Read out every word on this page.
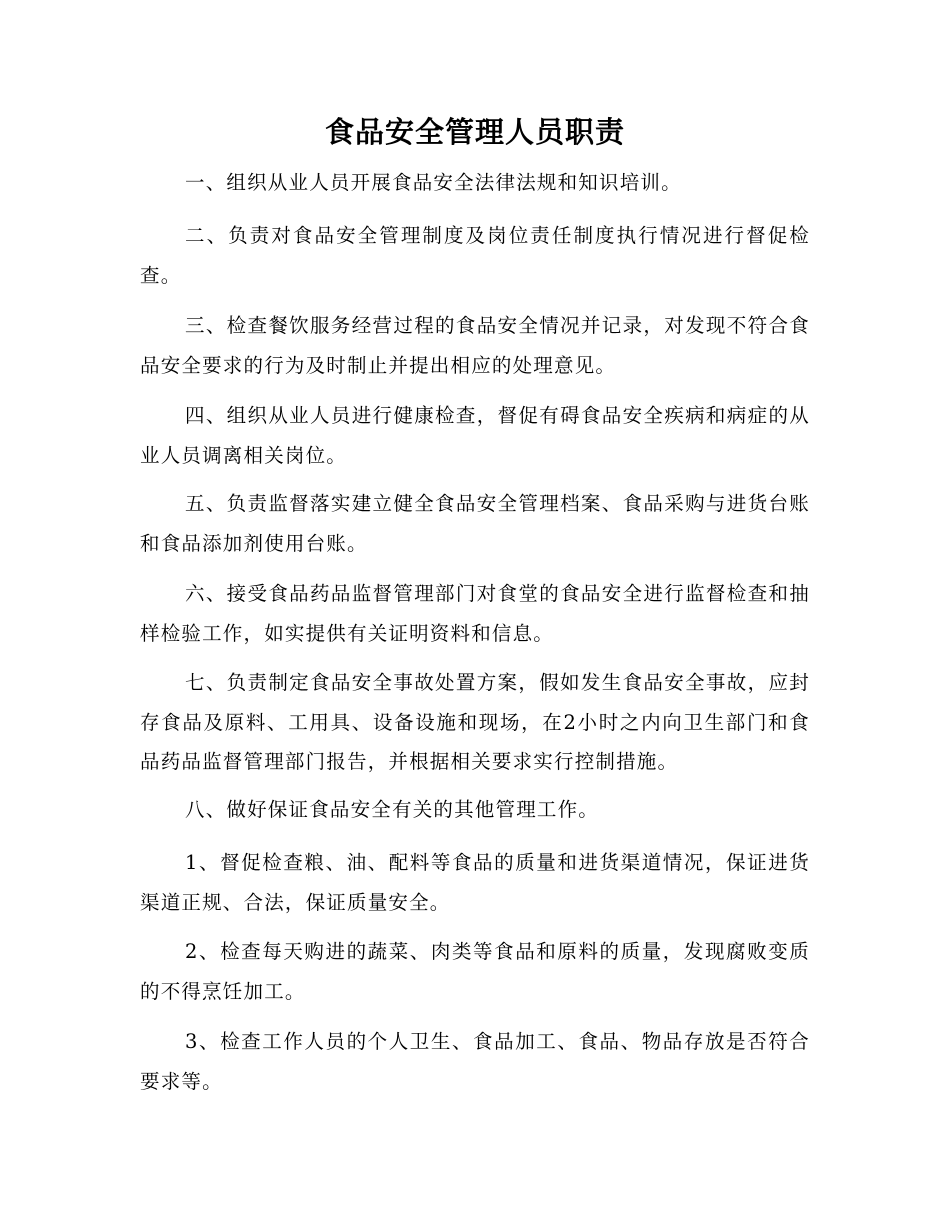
食品安全管理人员职责
一、组织从业人员开展食品安全法律法规和知识培训。
二、负责对食品安全管理制度及岗位责任制度执行情况进行督促检查。
三、检查餐饮服务经营过程的食品安全情况并记录，对发现不符合食品安全要求的行为及时制止并提出相应的处理意见。
四、组织从业人员进行健康检查，督促有碍食品安全疾病和病症的从业人员调离相关岗位。
五、负责监督落实建立健全食品安全管理档案、食品采购与进货台账和食品添加剂使用台账。
六、接受食品药品监督管理部门对食堂的食品安全进行监督检查和抽样检验工作，如实提供有关证明资料和信息。
七、负责制定食品安全事故处置方案，假如发生食品安全事故，应封存食品及原料、工用具、设备设施和现场，在2小时之内向卫生部门和食品药品监督管理部门报告，并根据相关要求实行控制措施。
八、做好保证食品安全有关的其他管理工作。
1、督促检查粮、油、配料等食品的质量和进货渠道情况，保证进货渠道正规、合法，保证质量安全。
2、检查每天购进的蔬菜、肉类等食品和原料的质量，发现腐败变质的不得烹饪加工。
3、检查工作人员的个人卫生、食品加工、食品、物品存放是否符合要求等。
